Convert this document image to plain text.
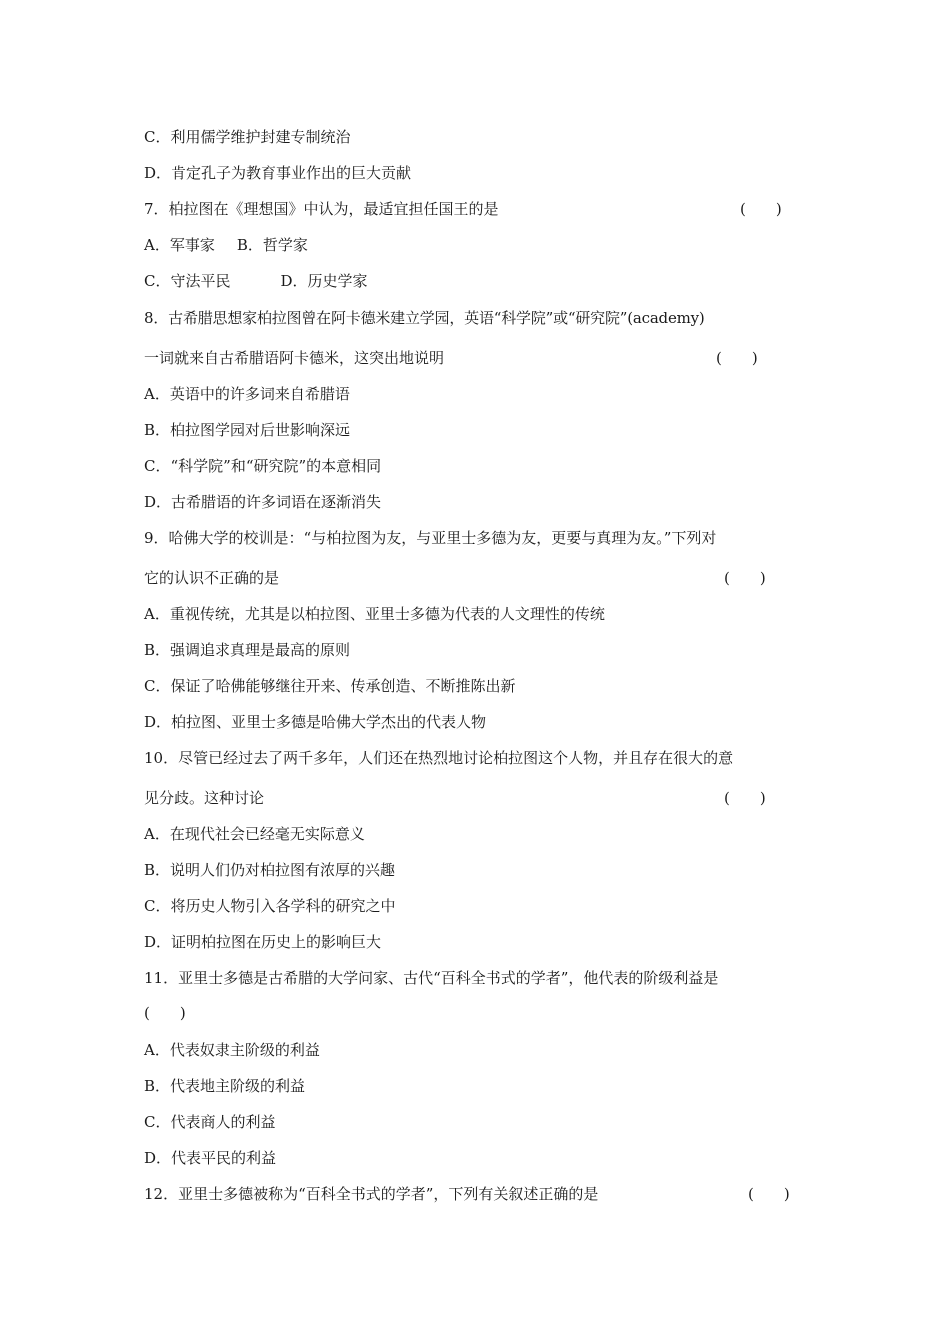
C．利用儒学维护封建专制统治
D．肯定孔子为教育事业作出的巨大贡献
7．柏拉图在《理想国》中认为，最适宜担任国王的是	(　　)
A．军事家 B．哲学家
C．守法平民	D．历史学家
8．古希腊思想家柏拉图曾在阿卡德米建立学园，英语“科学院”或“研究院”(academy)
一词就来自古希腊语阿卡德米，这突出地说明	(　　)
A．英语中的许多词来自希腊语
B．柏拉图学园对后世影响深远
C．“科学院”和“研究院”的本意相同
D．古希腊语的许多词语在逐渐消失
9．哈佛大学的校训是：“与柏拉图为友，与亚里士多德为友，更要与真理为友。”下列对
它的认识不正确的是	(　　)
A．重视传统，尤其是以柏拉图、亚里士多德为代表的人文理性的传统
B．强调追求真理是最高的原则
C．保证了哈佛能够继往开来、传承创造、不断推陈出新
D．柏拉图、亚里士多德是哈佛大学杰出的代表人物
10．尽管已经过去了两千多年，人们还在热烈地讨论柏拉图这个人物，并且存在很大的意
见分歧。这种讨论	(　　)
A．在现代社会已经毫无实际意义
B．说明人们仍对柏拉图有浓厚的兴趣
C．将历史人物引入各学科的研究之中
D．证明柏拉图在历史上的影响巨大
11．亚里士多德是古希腊的大学问家、古代“百科全书式的学者”，他代表的阶级利益是
(　　)
A．代表奴隶主阶级的利益
B．代表地主阶级的利益
C．代表商人的利益
D．代表平民的利益
12．亚里士多德被称为“百科全书式的学者”，下列有关叙述正确的是	(　　)
